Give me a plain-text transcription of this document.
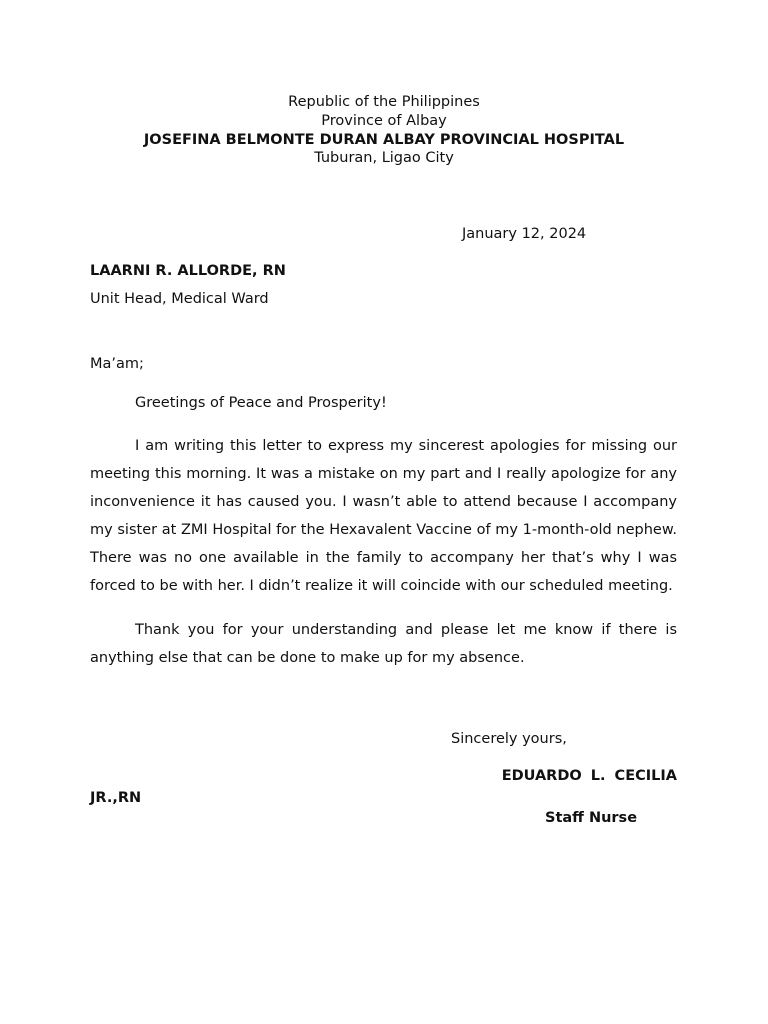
Republic of the Philippines
Province of Albay
JOSEFINA BELMONTE DURAN ALBAY PROVINCIAL HOSPITAL
Tuburan, Ligao City
January 12, 2024
LAARNI R. ALLORDE, RN
Unit Head, Medical Ward
Ma’am;
Greetings of Peace and Prosperity!
I am writing this letter to express my sincerest apologies for missing our meeting this morning. It was a mistake on my part and I really apologize for any inconvenience it has caused you. I wasn’t able to attend because I accompany my sister at ZMI Hospital for the Hexavalent Vaccine of my 1-month-old nephew. There was no one available in the family to accompany her that’s why I was forced to be with her. I didn’t realize it will coincide with our scheduled meeting.
Thank you for your understanding and please let me know if there is anything else that can be done to make up for my absence.
Sincerely yours,
EDUARDO L. CECILIA
JR.,RN
Staff Nurse
